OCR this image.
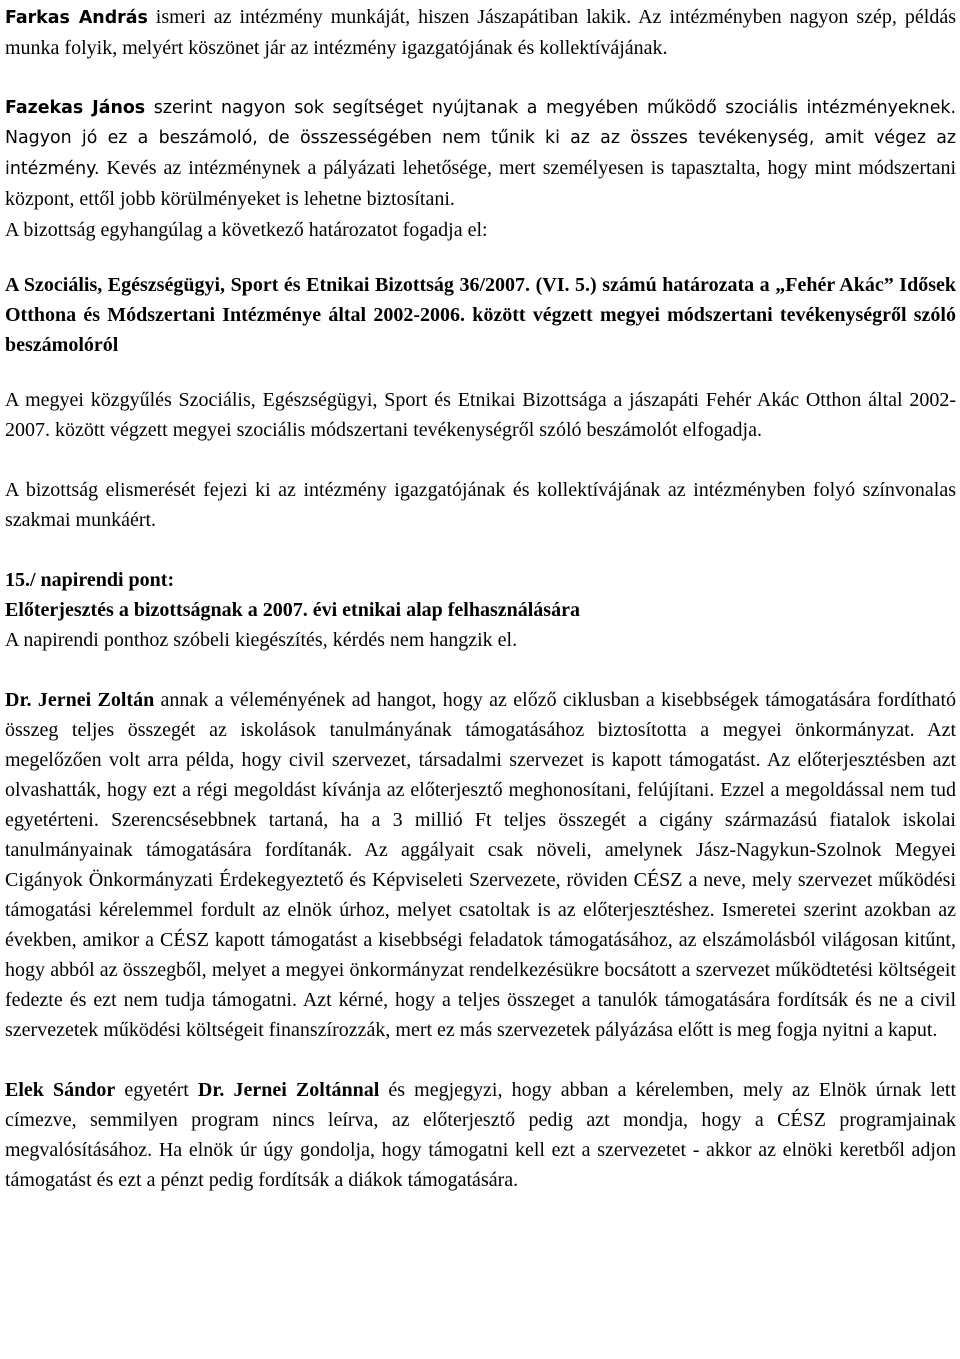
Farkas András ismeri az intézmény munkáját, hiszen Jászapátiban lakik. Az intézményben nagyon szép, példás munka folyik, melyért köszönet jár az intézmény igazgatójának és kollektívájának.

Fazekas János szerint nagyon sok segítséget nyújtanak a megyében működő szociális intézményeknek. Nagyon jó ez a beszámoló, de összességében nem tűnik ki az az összes tevékenység, amit végez az intézmény. Kevés az intézménynek a pályázati lehetősége, mert személyesen is tapasztalta, hogy mint módszertani központ, ettől jobb körülményeket is lehetne biztosítani.

A bizottság egyhangúlag a következő határozatot fogadja el:

A Szociális, Egészségügyi, Sport és Etnikai Bizottság 36/2007. (VI. 5.) számú határozata a „Fehér Akác” Idősek Otthona és Módszertani Intézménye által 2002-2006. között végzett megyei módszertani tevékenységről szóló beszámolóról

A megyei közgyűlés Szociális, Egészségügyi, Sport és Etnikai Bizottsága a jászapáti Fehér Akác Otthon által 2002-2007. között végzett megyei szociális módszertani tevékenységről szóló beszámolót elfogadja.

A bizottság elismerését fejezi ki az intézmény igazgatójának és kollektívájának az intézményben folyó színvonalas szakmai munkáért.

15./ napirendi pont:

Előterjesztés a bizottságnak a 2007. évi etnikai alap felhasználására

A napirendi ponthoz szóbeli kiegészítés, kérdés nem hangzik el.

Dr. Jernei Zoltán annak a véleményének ad hangot, hogy az előző ciklusban a kisebbségek támogatására fordítható összeg teljes összegét az iskolások tanulmányának támogatásához biztosította a megyei önkormányzat. Azt megelőzően volt arra példa, hogy civil szervezet, társadalmi szervezet is kapott támogatást. Az előterjesztésben azt olvashatták, hogy ezt a régi megoldást kívánja az előterjesztő meghonosítani, felújítani. Ezzel a megoldással nem tud egyetérteni. Szerencsésebbnek tartaná, ha a 3 millió Ft teljes összegét a cigány származású fiatalok iskolai tanulmányainak támogatására fordítanák. Az aggályait csak növeli, amelynek Jász-Nagykun-Szolnok Megyei Cigányok Önkormányzati Érdekegyeztető és Képviseleti Szervezete, röviden CÉSZ a neve, mely szervezet működési támogatási kérelemmel fordult az elnök úrhoz, melyet csatoltak is az előterjesztéshez. Ismeretei szerint azokban az években, amikor a CÉSZ kapott támogatást a kisebbségi feladatok támogatásához, az elszámolásból világosan kitűnt, hogy abból az összegből, melyet a megyei önkormányzat rendelkezésükre bocsátott a szervezet működtetési költségeit fedezte és ezt nem tudja támogatni. Azt kérné, hogy a teljes összeget a tanulók támogatására fordítsák és ne a civil szervezetek működési költségeit finanszírozzák, mert ez más szervezetek pályázása előtt is meg fogja nyitni a kaput.

Elek Sándor egyetért Dr. Jernei Zoltánnal és megjegyzi, hogy abban a kérelemben, mely az Elnök úrnak lett címezve, semmilyen program nincs leírva, az előterjesztő pedig azt mondja, hogy a CÉSZ programjainak megvalósításához. Ha elnök úr úgy gondolja, hogy támogatni kell ezt a szervezetet - akkor az elnöki keretből adjon támogatást és ezt a pénzt pedig fordítsák a diákok támogatására.
